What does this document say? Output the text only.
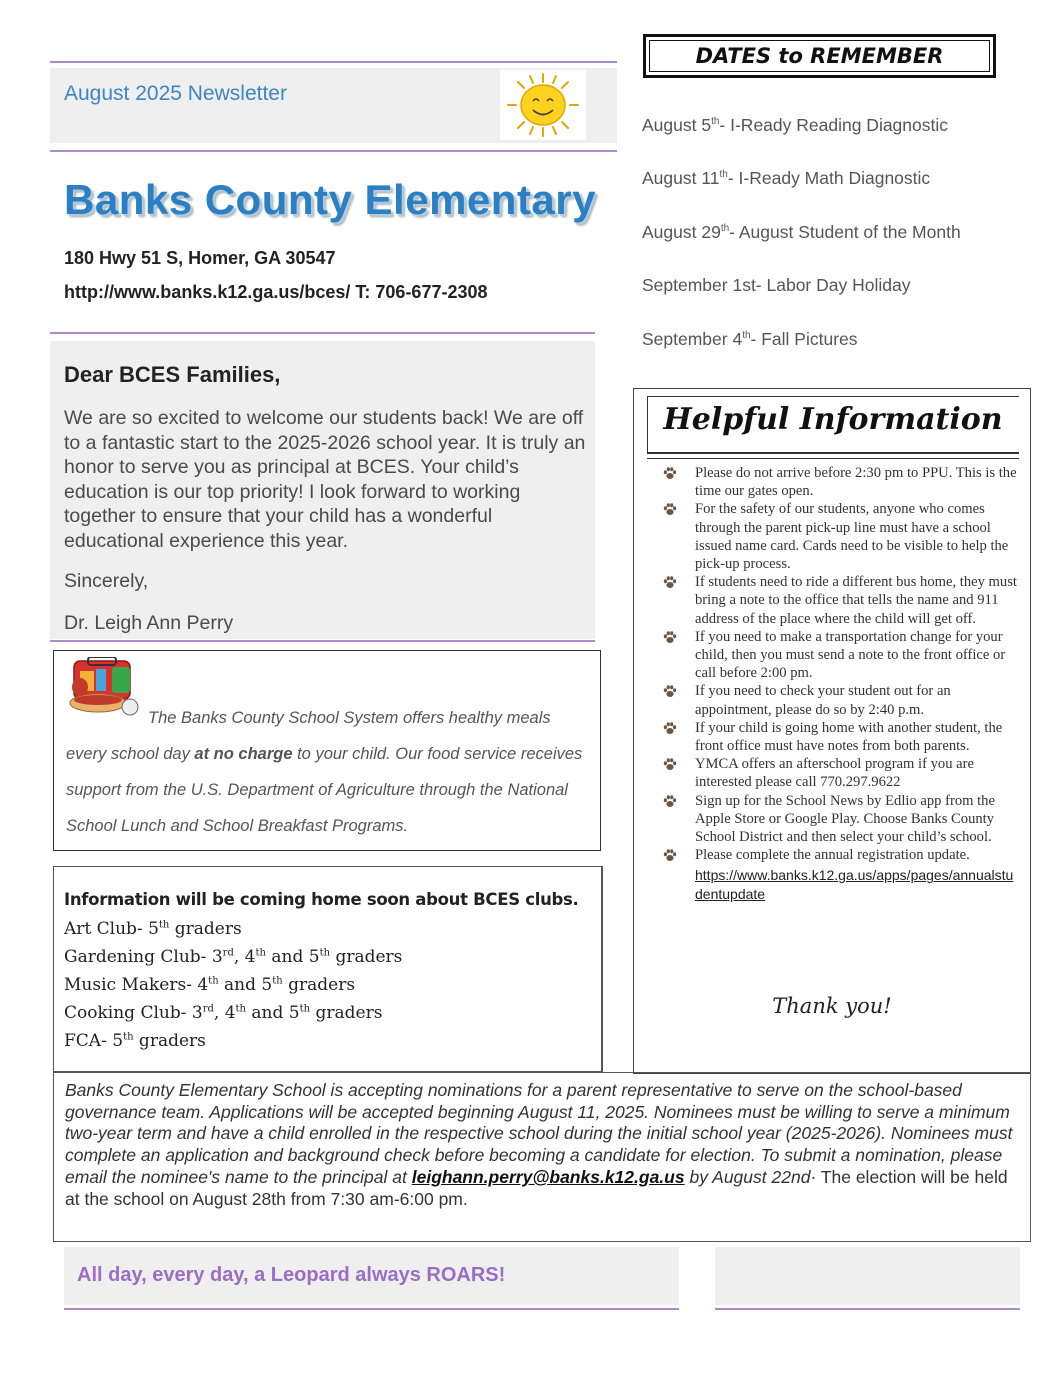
August 2025 Newsletter
Banks County Elementary
180 Hwy 51 S, Homer, GA 30547
http://www.banks.k12.ga.us/bces/ T: 706-677-2308
Dear BCES Families,

We are so excited to welcome our students back! We are off to a fantastic start to the 2025-2026 school year. It is truly an honor to serve you as principal at BCES. Your child’s education is our top priority! I look forward to working together to ensure that your child has a wonderful educational experience this year.

Sincerely,
Dr. Leigh Ann Perry

The Banks County School System offers healthy meals every school day at no charge to your child. Our food service receives support from the U.S. Department of Agriculture through the National School Lunch and School Breakfast Programs.

Information will be coming home soon about BCES clubs.
Art Club- 5th graders
Gardening Club- 3rd, 4th and 5th graders
Music Makers- 4th and 5th graders
Cooking Club- 3rd, 4th and 5th graders
FCA- 5th graders
DATES to REMEMBER
August 5th- I-Ready Reading Diagnostic
August 11th- I-Ready Math Diagnostic
August 29th- August Student of the Month
September 1st- Labor Day Holiday
September 4th- Fall Pictures
Helpful Information
Please do not arrive before 2:30 pm to PPU. This is the time our gates open.
For the safety of our students, anyone who comes through the parent pick-up line must have a school issued name card. Cards need to be visible to help the pick-up process.
If students need to ride a different bus home, they must bring a note to the office that tells the name and 911 address of the place where the child will get off.
If you need to make a transportation change for your child, then you must send a note to the front office or call before 2:00 pm.
If you need to check your student out for an appointment, please do so by 2:40 p.m.
If your child is going home with another student, the front office must have notes from both parents.
YMCA offers an afterschool program if you are interested please call 770.297.9622
Sign up for the School News by Edlio app from the Apple Store or Google Play. Choose Banks County School District and then select your child’s school.
Please complete the annual registration update.
https://www.banks.k12.ga.us/apps/pages/annualstudentupdate
Thank you!

Banks County Elementary School is accepting nominations for a parent representative to serve on the school-based governance team. Applications will be accepted beginning August 11, 2025. Nominees must be willing to serve a minimum two-year term and have a child enrolled in the respective school during the initial school year (2025-2026). Nominees must complete an application and background check before becoming a candidate for election. To submit a nomination, please email the nominee's name to the principal at leighann.perry@banks.k12.ga.us by August 22nd· The election will be held at the school on August 28th from 7:30 am-6:00 pm.

All day, every day, a Leopard always ROARS!
